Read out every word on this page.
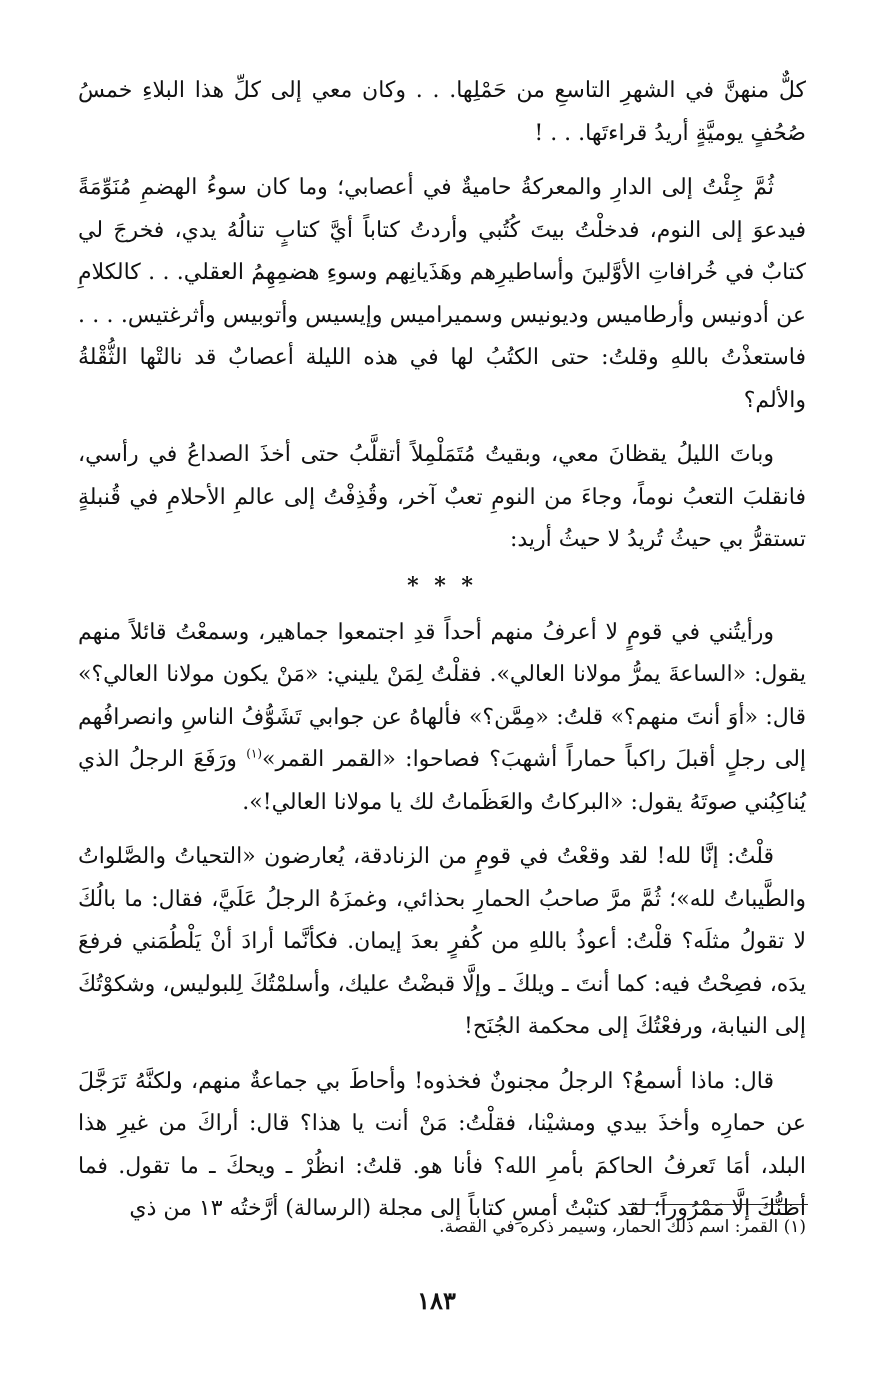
كلٌّ منهنَّ في الشهرِ التاسعِ من حَمْلِها. . . وكان معي إلى كلِّ هذا البلاءِ خمسُ صُحُفٍ يوميَّةٍ أريدُ قراءتَها. . . !

ثُمَّ جِئْتُ إلى الدارِ والمعركةُ حاميةٌ في أعصابي؛ وما كان سوءُ الهضمِ مُنَوِّمَةً فيدعوَ إلى النوم، فدخلْتُ بيتَ كُتُبي وأردتُ كتاباً أيَّ كتابٍ تنالُهُ يدي، فخرجَ لي كتابٌ في خُرافاتِ الأوَّلينَ وأساطيرِهم وهَذَيانِهم وسوءِ هضمِهِمُ العقلي. . . كالكلامِ عن أدونيس وأرطاميس وديونيس وسميراميس وإيسيس وأتوبيس وأثرغتيس. . . . فاستعذْتُ باللهِ وقلتُ: حتى الكتُبُ لها في هذه الليلة أعصابٌ قد نالتْها الثُّقْلةُ والألم؟

وباتَ الليلُ يقظانَ معي، وبقيتُ مُتَمَلْمِلاً أتقلَّبُ حتى أخذَ الصداعُ في رأسي، فانقلبَ التعبُ نوماً، وجاءَ من النومِ تعبٌ آخر، وقُذِفْتُ إلى عالمِ الأحلامِ في قُنبلةٍ تستقرُّ بي حيثُ تُريدُ لا حيثُ أريد:

* * *

ورأيتُني في قومٍ لا أعرفُ منهم أحداً قدِ اجتمعوا جماهير، وسمعْتُ قائلاً منهم يقول: «الساعةَ يمرُّ مولانا العالي». فقلْتُ لِمَنْ يليني: «مَنْ يكون مولانا العالي؟» قال: «أوَ أنتَ منهم؟» قلتُ: «مِمَّن؟» فألهاهُ عن جوابي تَشَوُّفُ الناسِ وانصرافُهم إلى رجلٍ أقبلَ راكباً حماراً أشهبَ؟ فصاحوا: «القمر القمر»$^{(١)}$ ورَفَعَ الرجلُ الذي يُناكِبُني صوتَهُ يقول: «البركاتُ والعَظَماتُ لك يا مولانا العالي!».

قلْتُ: إنَّا لله! لقد وقعْتُ في قومٍ من الزنادقة، يُعارضون «التحياتُ والصَّلواتُ والطَّيباتُ لله»؛ ثُمَّ مرَّ صاحبُ الحمارِ بحذائي، وغمزَهُ الرجلُ عَلَيَّ، فقال: ما بالُكَ لا تقولُ مثلَه؟ قلْتُ: أعوذُ باللهِ من كُفرٍ بعدَ إيمان. فكأنَّما أرادَ أنْ يَلْطُمَني فرفعَ يدَه، فصِحْتُ فيه: كما أنتَ ـ ويلكَ ـ وإلَّا قبضْتُ عليك، وأسلمْتُكَ لِلبوليس، وشكوْتُكَ إلى النيابة، ورفعْتُكَ إلى محكمة الجُنَح!

قال: ماذا أسمعُ؟ الرجلُ مجنونٌ فخذوه! وأحاطَ بي جماعةٌ منهم، ولكنَّهُ تَرَجَّلَ عن حمارِه وأخذَ بيدي ومشيْنا، فقلْتُ: مَنْ أنت يا هذا؟ قال: أراكَ من غيرِ هذا البلد، أمَا تَعرفُ الحاكمَ بأمرِ الله؟ فأنا هو. قلتُ: انظُرْ ـ ويحكَ ـ ما تقول. فما أظنُّكَ إلَّا مَمْرُوراً؛ لقد كتبْتُ أمسِ كتاباً إلى مجلة (الرسالة) أرَّختُه ١٣ من ذي

(١) القمر: اسم ذلك الحمار، وسيمر ذكره في القصة.
١٨٣
